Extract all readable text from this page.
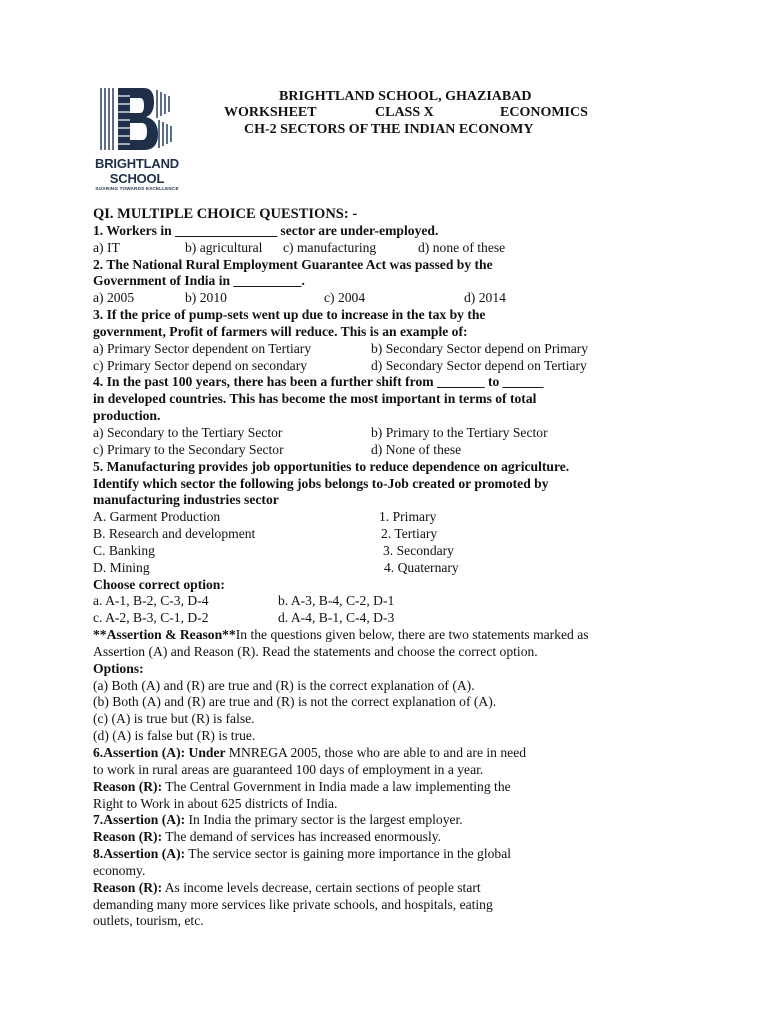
BRIGHTLAND
SCHOOL
SOARING TOWARDS EXCELLENCE
BRIGHTLAND SCHOOL, GHAZIABAD
WORKSHEET	CLASS X	ECONOMICS
CH-2 SECTORS OF THE INDIAN ECONOMY
QI. MULTIPLE CHOICE QUESTIONS: -
1. Workers in _______________ sector are under-employed.
a) IT	b) agricultural c) manufacturing	d) none of these
2. The National Rural Employment Guarantee Act was passed by the
Government of India in __________.
a) 2005	b) 2010	c) 2004	d) 2014
3. If the price of pump-sets went up due to increase in the tax by the
government, Profit of farmers will reduce. This is an example of:
a) Primary Sector dependent on Tertiary	b) Secondary Sector depend on Primary
c) Primary Sector depend on secondary	d) Secondary Sector depend on Tertiary
4. In the past 100 years, there has been a further shift from _______ to ______
in developed countries. This has become the most important in terms of total
production.
a) Secondary to the Tertiary Sector	b) Primary to the Tertiary Sector
c) Primary to the Secondary Sector	d) None of these
5. Manufacturing provides job opportunities to reduce dependence on agriculture.
Identify which sector the following jobs belongs to-Job created or promoted by
manufacturing industries sector
A. Garment Production	1. Primary
B. Research and development	2. Tertiary
C. Banking	3. Secondary
D. Mining	4. Quaternary
Choose correct option:
a. A-1, B-2, C-3, D-4	b. A-3, B-4, C-2, D-1
c. A-2, B-3, C-1, D-2	d. A-4, B-1, C-4, D-3
**Assertion & Reason**In the questions given below, there are two statements marked as
Assertion (A) and Reason (R). Read the statements and choose the correct option.
Options:
(a) Both (A) and (R) are true and (R) is the correct explanation of (A).
(b) Both (A) and (R) are true and (R) is not the correct explanation of (A).
(c) (A) is true but (R) is false.
(d) (A) is false but (R) is true.
6.Assertion (A): Under MNREGA 2005, those who are able to and are in need
to work in rural areas are guaranteed 100 days of employment in a year.
Reason (R): The Central Government in India made a law implementing the
Right to Work in about 625 districts of India.
7.Assertion (A): In India the primary sector is the largest employer.
Reason (R): The demand of services has increased enormously.
8.Assertion (A): The service sector is gaining more importance in the global
economy.
Reason (R): As income levels decrease, certain sections of people start
demanding many more services like private schools, and hospitals, eating
outlets, tourism, etc.
